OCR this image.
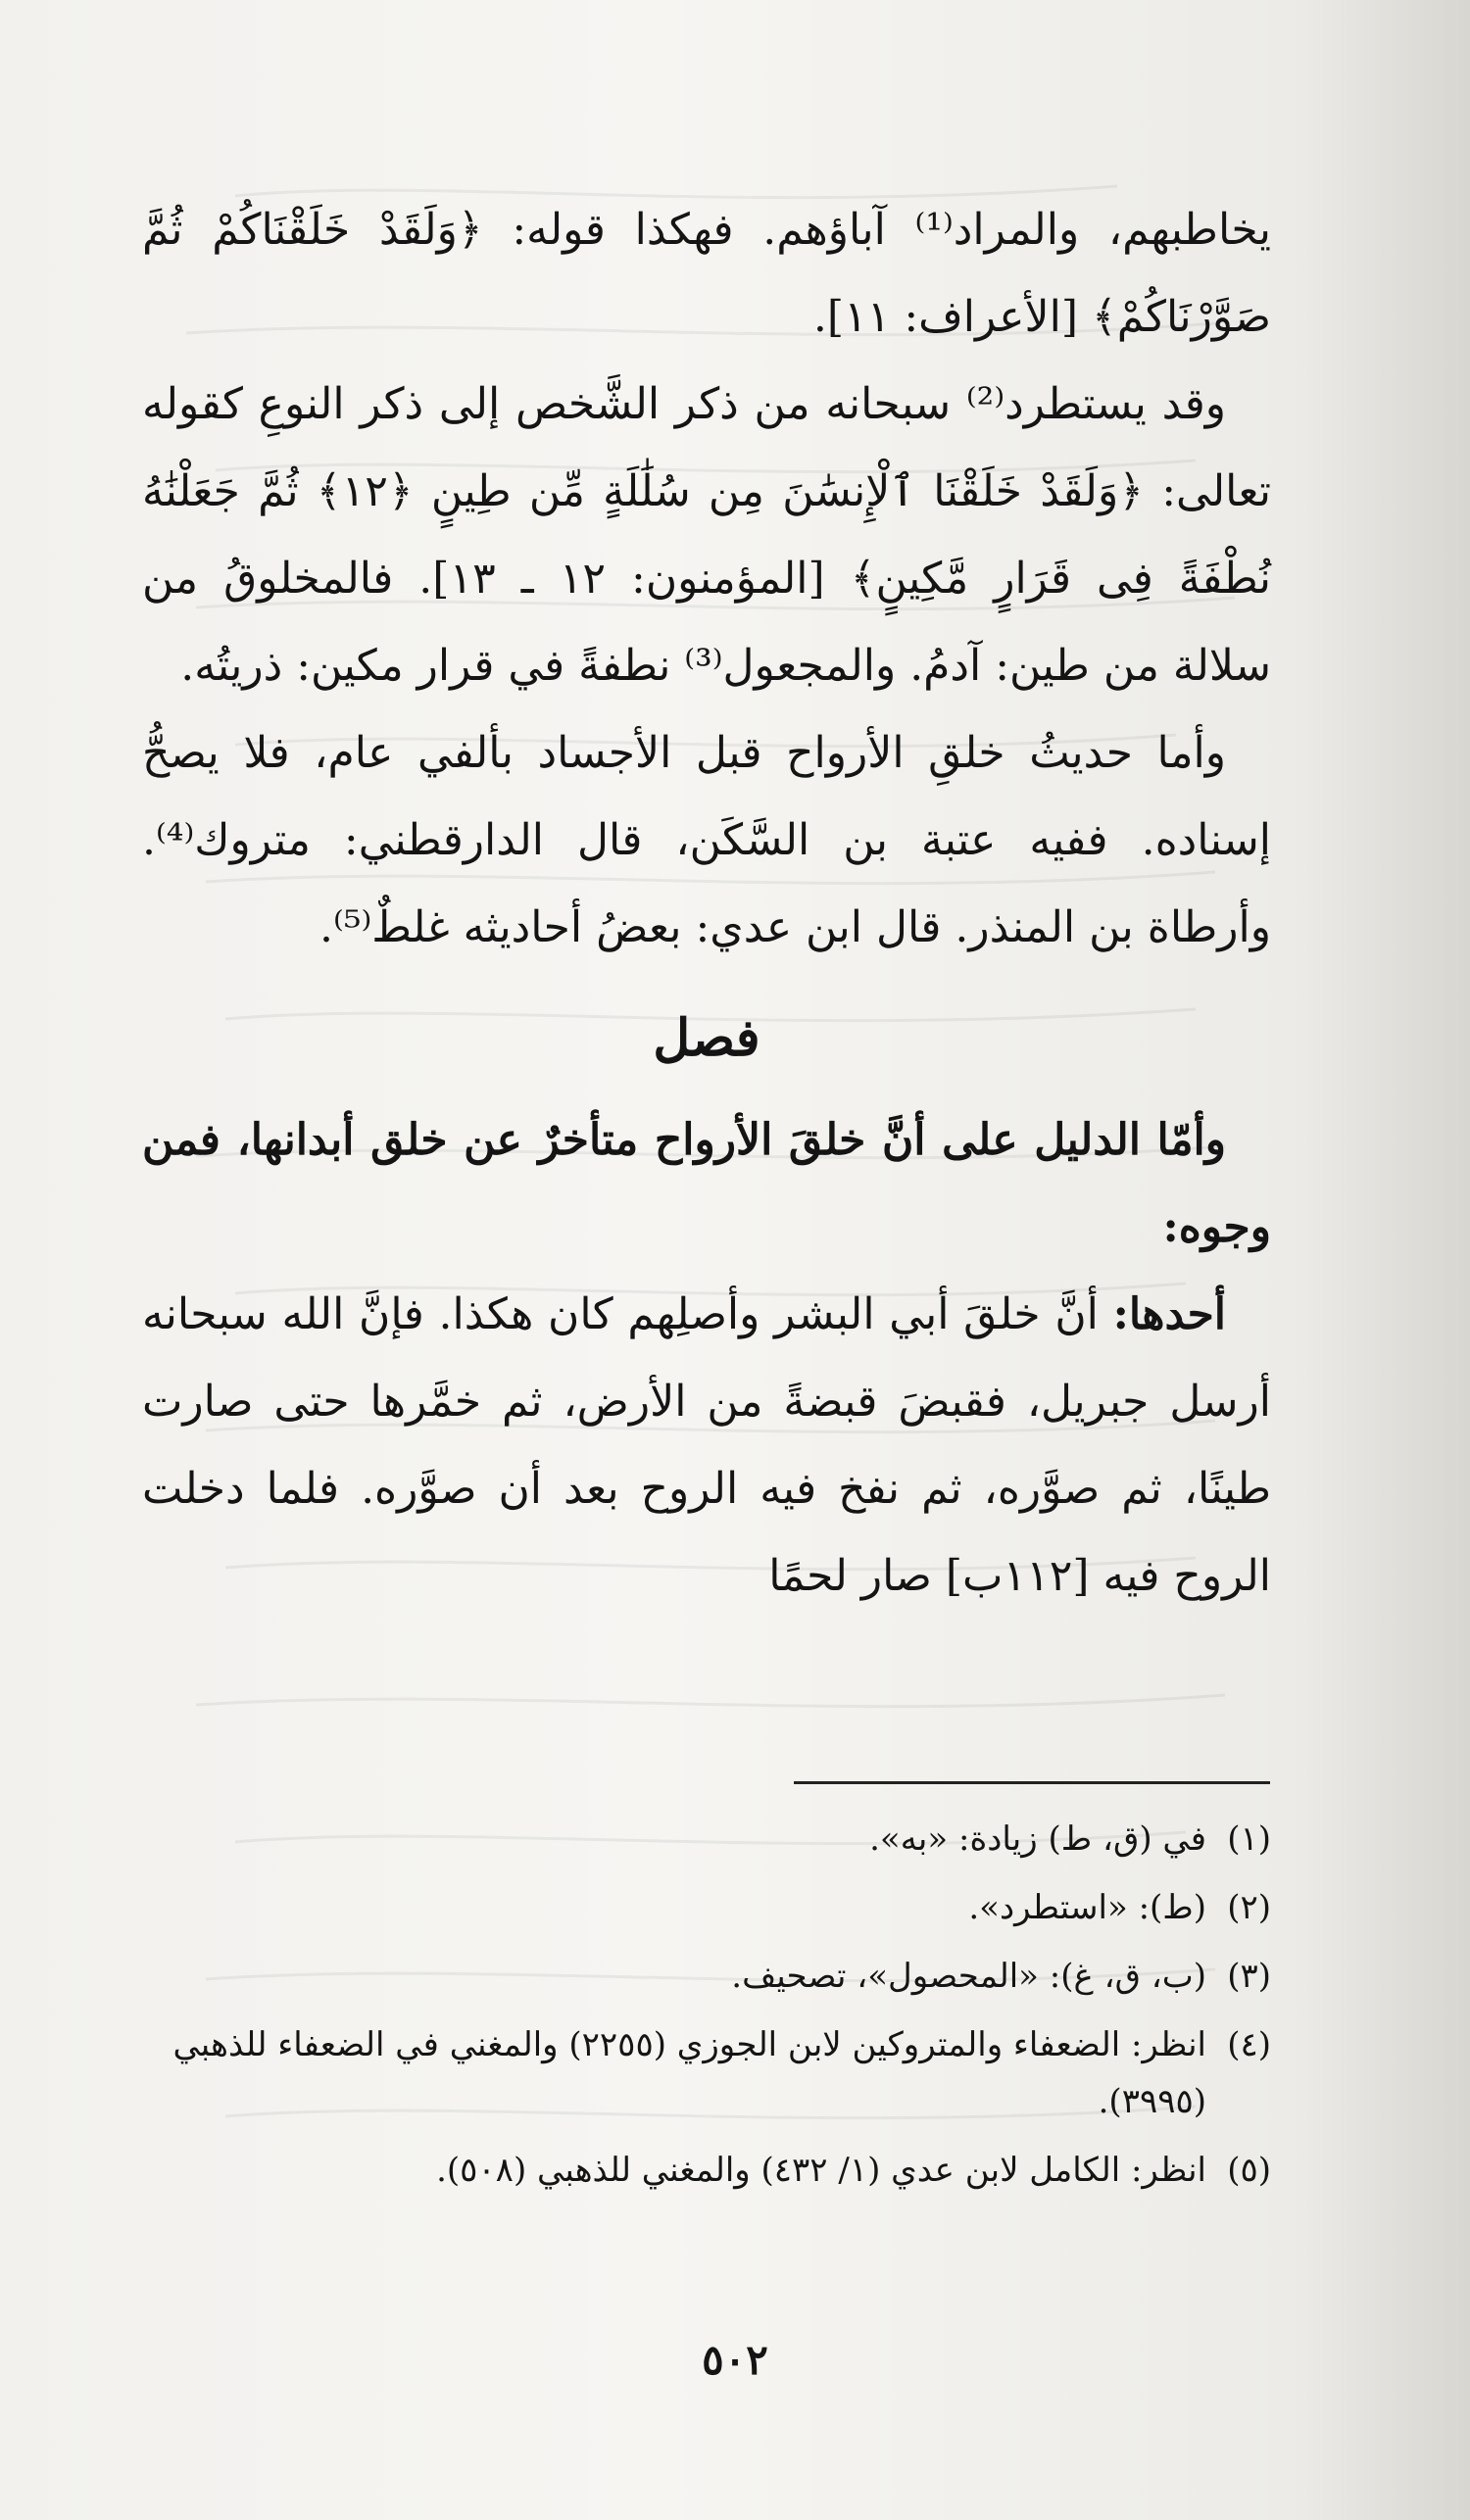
يخاطبهم، والمراد⁽¹⁾ آباؤهم. فهكذا قوله: ﴿وَلَقَدْ خَلَقْنَاكُمْ ثُمَّ صَوَّرْنَاكُمْ﴾ [الأعراف: ١١].

وقد يستطرد⁽²⁾ سبحانه من ذكر الشَّخص إلى ذكر النوعِ كقوله تعالى: ﴿وَلَقَدْ خَلَقْنَا ٱلْإِنسَٰنَ مِن سُلَٰلَةٍ مِّن طِينٍ ﴿١٢﴾ ثُمَّ جَعَلْنَٰهُ نُطْفَةً فِى قَرَارٍ مَّكِينٍ﴾ [المؤمنون: ١٢ ـ ١٣]. فالمخلوقُ من سلالة من طين: آدمُ. والمجعول⁽³⁾ نطفةً في قرار مكين: ذريتُه.

وأما حديثُ خلقِ الأرواح قبل الأجساد بألفي عام، فلا يصحُّ إسناده. ففيه عتبة بن السَّكَن، قال الدارقطني: متروك⁽⁴⁾. وأرطاة بن المنذر. قال ابن عدي: بعضُ أحاديثه غلطٌ⁽⁵⁾.

فصل

وأمّا الدليل على أنَّ خلقَ الأرواح متأخرٌ عن خلق أبدانها، فمن وجوه:

أحدها: أنَّ خلقَ أبي البشر وأصلِهم كان هكذا. فإنَّ الله سبحانه أرسل جبريل، فقبضَ قبضةً من الأرض، ثم خمَّرها حتى صارت طينًا، ثم صوَّره، ثم نفخ فيه الروح بعد أن صوَّره. فلما دخلت الروح فيه [١١٢ب] صار لحمًا

(١)
في (ق، ط) زيادة: «به».
(٢)
(ط): «استطرد».
(٣)
(ب، ق، غ): «المحصول»، تصحيف.
(٤)
انظر: الضعفاء والمتروكين لابن الجوزي (٢٢٥٥) والمغني في الضعفاء للذهبي (٣٩٩٥).
(٥)
انظر: الكامل لابن عدي (١/ ٤٣٢) والمغني للذهبي (٥٠٨).
٥٠٢
